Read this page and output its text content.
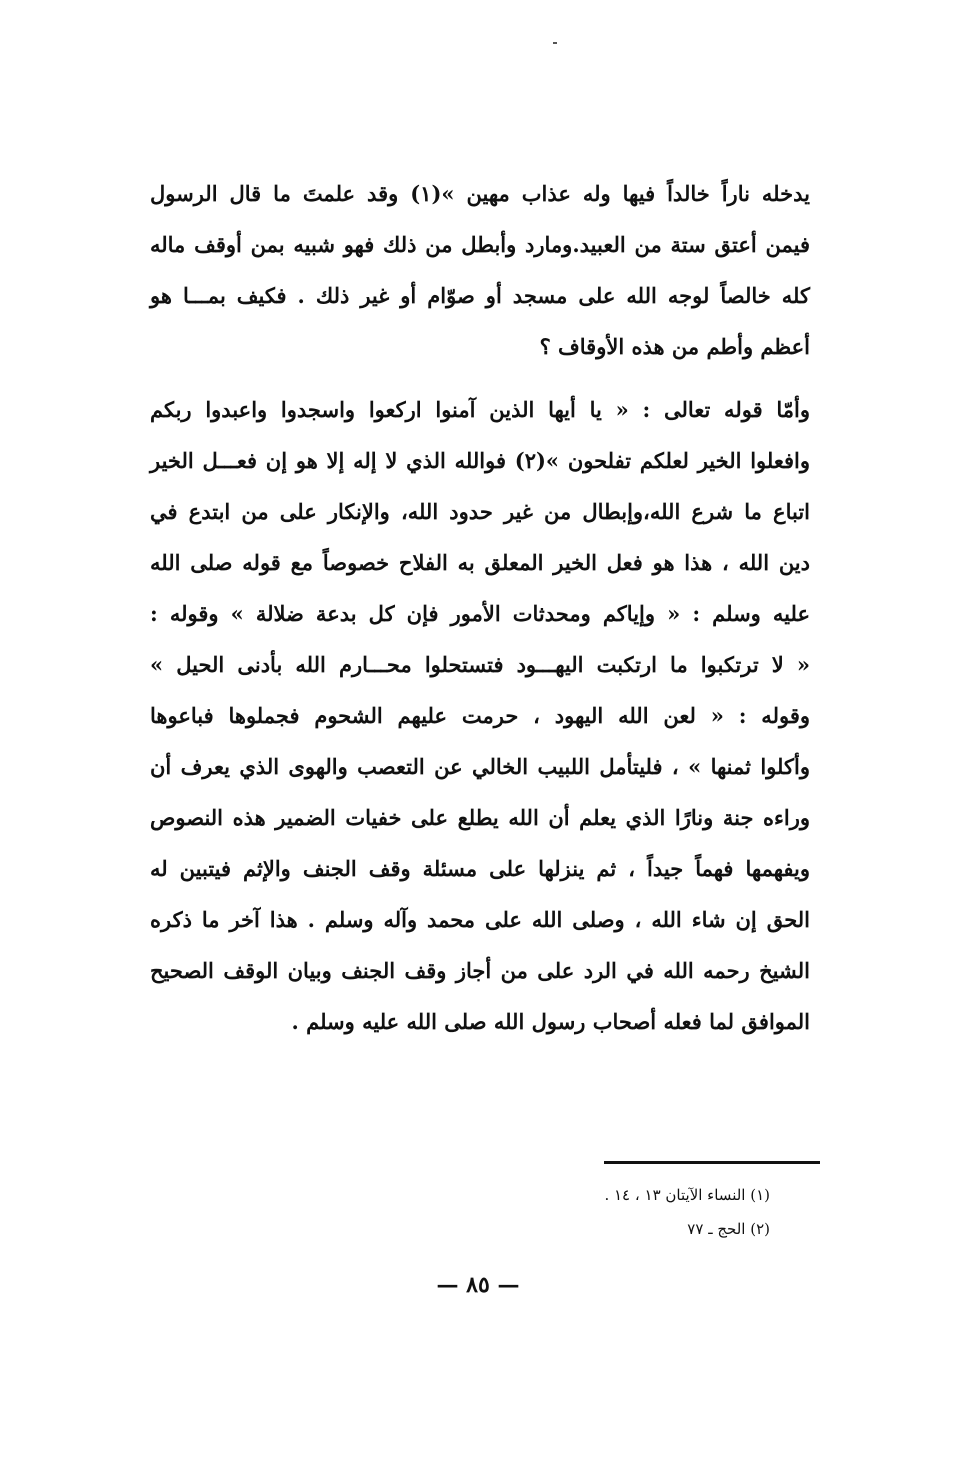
يدخله ناراً خالداً فيها وله عذاب مهين »(١) وقد علمتَ ما قال الرسول
فيمن أعتق ستة من العبيد.ومارد وأبطل من ذلك فهو شبيه بمن أوقف ماله
كله خالصاً لوجه الله على مسجد أو صوّام أو غير ذلك . فكيف بمـــا هو
أعظم وأطم من هذه الأوقاف ؟

وأمّا قوله تعالى : « يا أيها الذين آمنوا اركعوا واسجدوا واعبدوا ربكم
وافعلوا الخير لعلكم تفلحون »(٢) فوالله الذي لا إله إلا هو إن فعـــل الخير
اتباع ما شرع الله،وإبطال من غير حدود الله، والإنكار على من ابتدع في
دين الله ، هذا هو فعل الخير المعلق به الفلاح خصوصاً مع قوله صلى الله
عليه وسلم : « وإياكم ومحدثات الأمور فإن كل بدعة ضلالة » وقوله :
« لا ترتكبوا ما ارتكبت اليهـــود فتستحلوا محـــارم الله بأدنى الحيل »
وقوله : « لعن الله اليهود ، حرمت عليهم الشحوم فجملوها فباعوها
وأكلوا ثمنها » ، فليتأمل اللبيب الخالي عن التعصب والهوى الذي يعرف أن
وراءه جنة ونارًا الذي يعلم أن الله يطلع على خفيات الضمير هذه النصوص
ويفهمها فهماً جيداً ، ثم ينزلها على مسئلة وقف الجنف والإثم فيتبين له
الحق إن شاء الله ، وصلى الله على محمد وآله وسلم . هذا آخر ما ذكره
الشيخ رحمه الله في الرد على من أجاز وقف الجنف وبيان الوقف الصحيح
الموافق لما فعله أصحاب رسول الله صلى الله عليه وسلم .

(١) النساء الآيتان ١٣ ، ١٤ .
(٢) الحج ـ ٧٧
— ٨٥ —
